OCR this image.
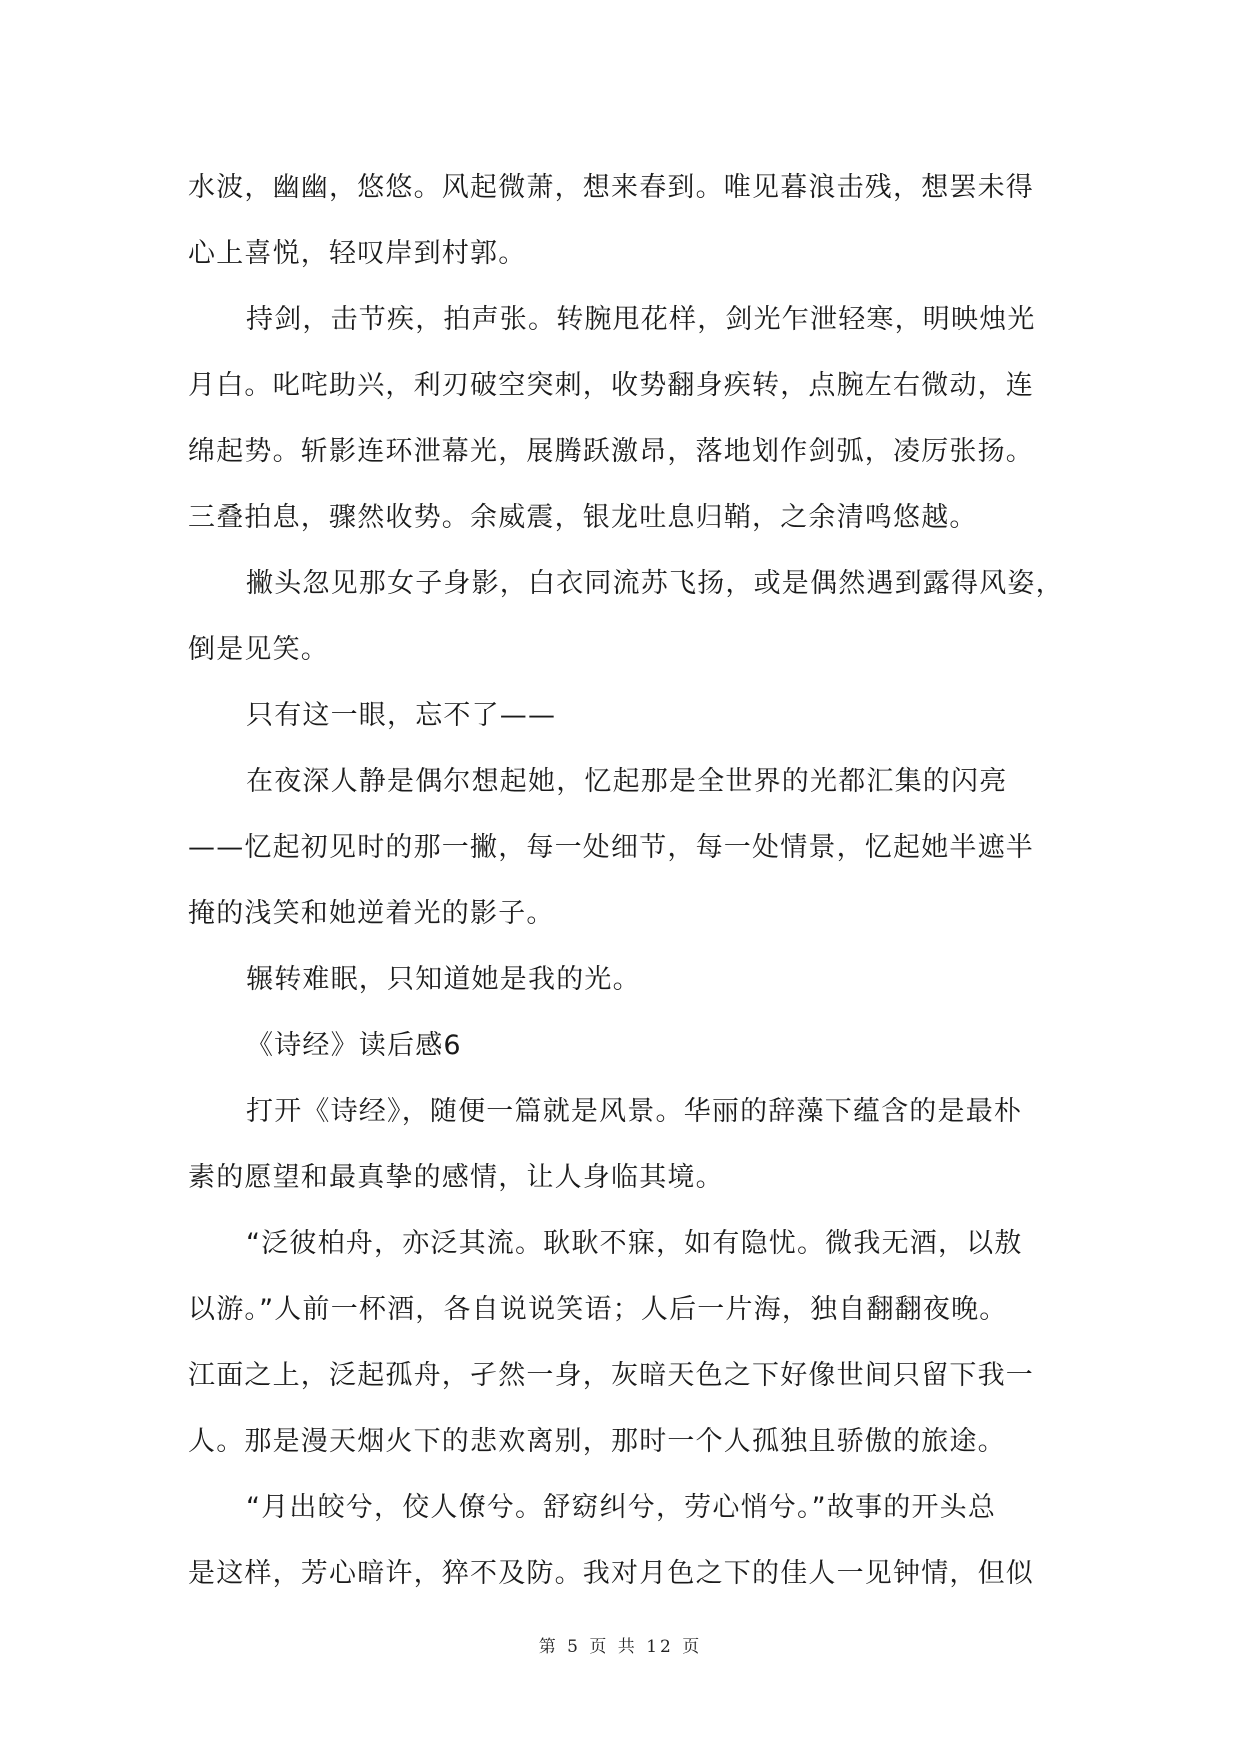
水波，幽幽，悠悠。风起微萧，想来春到。唯见暮浪击残，想罢未得
心上喜悦，轻叹岸到村郭。
持剑，击节疾，拍声张。转腕甩花样，剑光乍泄轻寒，明映烛光
月白。叱咤助兴，利刃破空突刺，收势翻身疾转，点腕左右微动，连
绵起势。斩影连环泄幕光，展腾跃激昂，落地划作剑弧，凌厉张扬。
三叠拍息，骤然收势。余威震，银龙吐息归鞘，之余清鸣悠越。
撇头忽见那女子身影，白衣同流苏飞扬，或是偶然遇到露得风姿，
倒是见笑。
只有这一眼，忘不了——
在夜深人静是偶尔想起她，忆起那是全世界的光都汇集的闪亮
——忆起初见时的那一撇，每一处细节，每一处情景，忆起她半遮半
掩的浅笑和她逆着光的影子。
辗转难眠，只知道她是我的光。
《诗经》读后感6
打开《诗经》，随便一篇就是风景。华丽的辞藻下蕴含的是最朴
素的愿望和最真挚的感情，让人身临其境。
“泛彼柏舟，亦泛其流。耿耿不寐，如有隐忧。微我无酒，以敖
以游。”人前一杯酒，各自说说笑语；人后一片海，独自翻翻夜晚。
江面之上，泛起孤舟，孑然一身，灰暗天色之下好像世间只留下我一
人。那是漫天烟火下的悲欢离别，那时一个人孤独且骄傲的旅途。
“月出皎兮，佼人僚兮。舒窈纠兮，劳心悄兮。”故事的开头总
是这样，芳心暗许，猝不及防。我对月色之下的佳人一见钟情，但似
第 5 页 共 12 页
